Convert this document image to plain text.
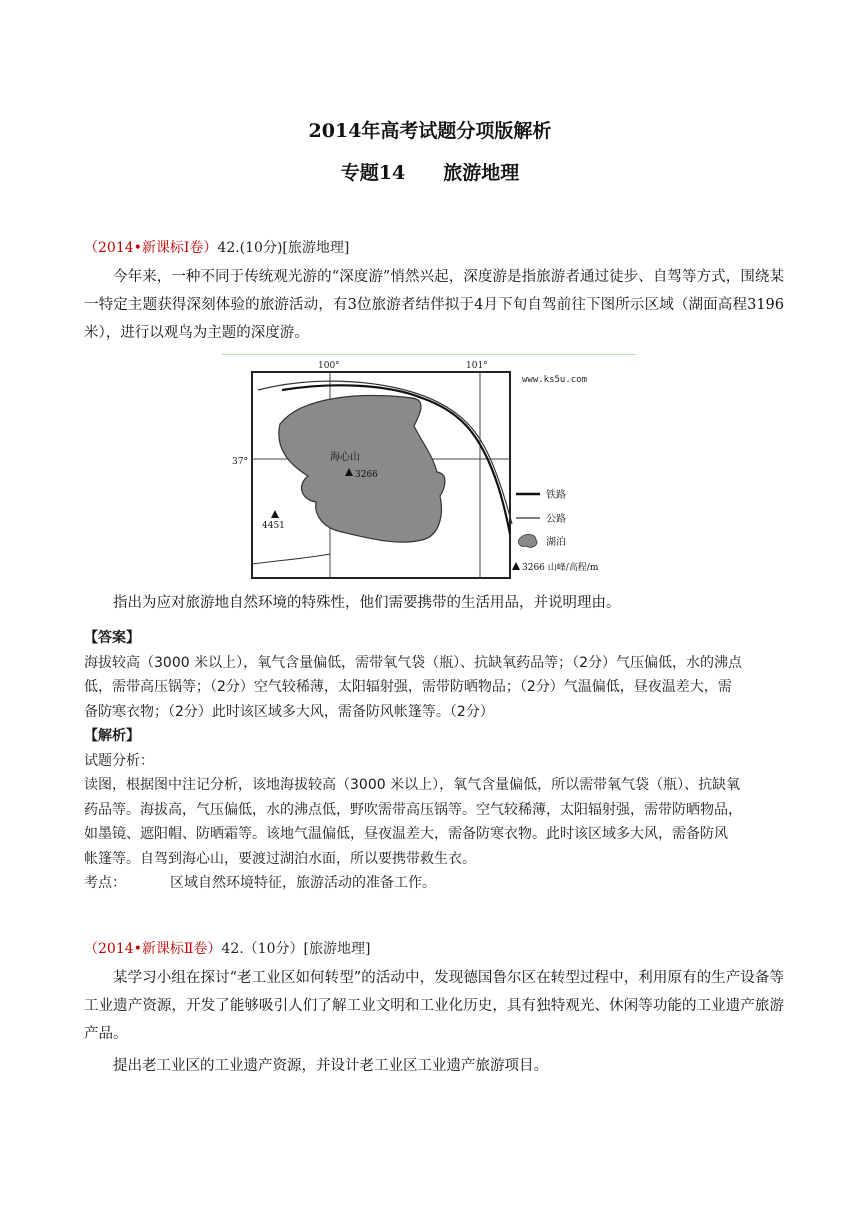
2014年高考试题分项版解析
专题14　　旅游地理
（2014•新课标Ⅰ卷）42.(10分)[旅游地理]

今年来，一种不同于传统观光游的“深度游”悄然兴起，深度游是指旅游者通过徒步、自驾等方式，围绕某一特定主题获得深刻体验的旅游活动，有3位旅游者结伴拟于4月下旬自驾前往下图所示区域（湖面高程3196米），进行以观鸟为主题的深度游。

100°	101°
37°
www.ks5u.com
海心山
3266
4451
铁路
公路
湖泊
3266 山峰/高程/m

指出为应对旅游地自然环境的特殊性，他们需要携带的生活用品，并说明理由。

【答案】
海拔较高（3000 米以上），氧气含量偏低，需带氧气袋（瓶）、抗缺氧药品等；（2分）气压偏低，水的沸点
低，需带高压锅等；（2分）空气较稀薄，太阳辐射强，需带防晒物品；（2分）气温偏低，昼夜温差大，需
备防寒衣物；（2分）此时该区域多大风，需备防风帐篷等。（2分）
【解析】
试题分析：
读图，根据图中注记分析，该地海拔较高（3000 米以上），氧气含量偏低，所以需带氧气袋（瓶）、抗缺氧
药品等。海拔高，气压偏低，水的沸点低，野吹需带高压锅等。空气较稀薄，太阳辐射强，需带防晒物品，
如墨镜、遮阳帽、防晒霜等。该地气温偏低，昼夜温差大，需备防寒衣物。此时该区域多大风，需备防风
帐篷等。自驾到海心山，要渡过湖泊水面，所以要携带救生衣。
考点：	区域自然环境特征，旅游活动的准备工作。
（2014•新课标Ⅱ卷）42.（10分）[旅游地理]

某学习小组在探讨“老工业区如何转型”的活动中，发现德国鲁尔区在转型过程中，利用原有的生产设备等工业遗产资源，开发了能够吸引人们了解工业文明和工业化历史，具有独特观光、休闲等功能的工业遗产旅游产品。

提出老工业区的工业遗产资源，并设计老工业区工业遗产旅游项目。
